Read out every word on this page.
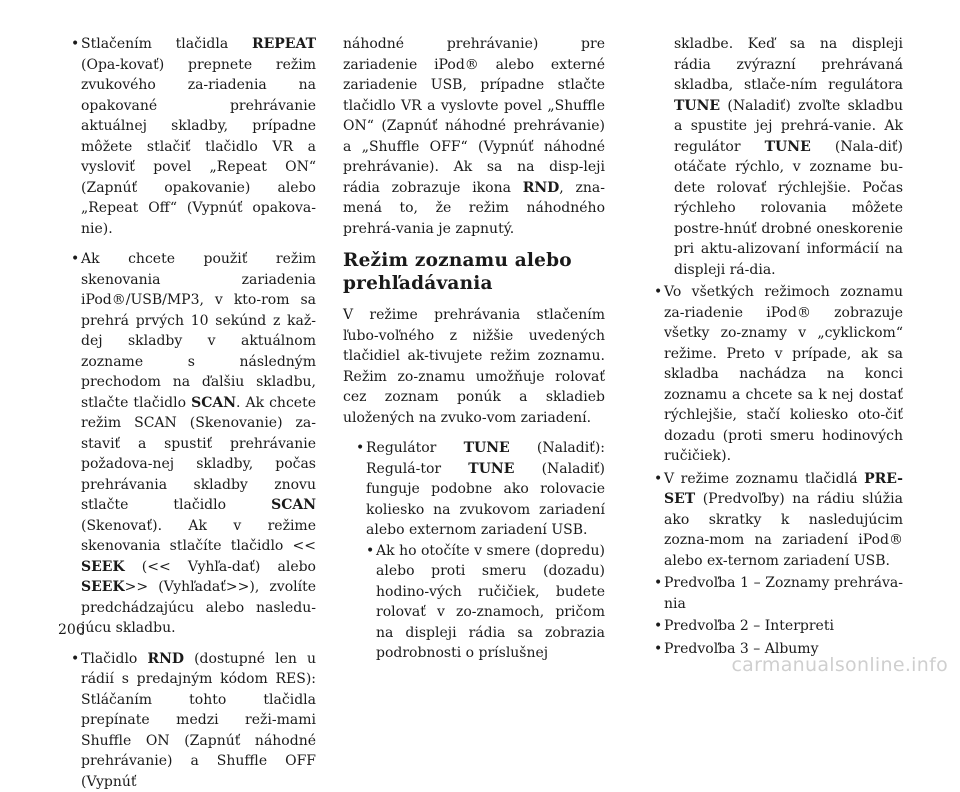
• Stlačením tlačidla REPEAT (Opa-kovať) prepnete režim zvukového za-riadenia na opakované prehrávanie aktuálnej skladby, prípadne môžete stlačiť tlačidlo VR a vysloviť povel „Repeat ON“ (Zapnúť opakovanie) alebo „Repeat Off“ (Vypnúť opakova-nie).
• Ak chcete použiť režim skenovania zariadenia iPod®/USB/MP3, v kto-rom sa prehrá prvých 10 sekúnd z kaž-dej skladby v aktuálnom zozname s následným prechodom na ďalšiu skladbu, stlačte tlačidlo SCAN. Ak chcete režim SCAN (Skenovanie) za-staviť a spustiť prehrávanie požadova-nej skladby, počas prehrávania skladby znovu stlačte tlačidlo SCAN (Skenovať). Ak v režime skenovania stlačíte tlačidlo << SEEK (<< Vyhľa-dať) alebo SEEK>> (Vyhľadať>>), zvolíte predchádzajúcu alebo nasledu-júcu skladbu.
• Tlačidlo RND (dostupné len u rádií s predajným kódom RES): Stláčaním tohto tlačidla prepínate medzi reži-mami Shuffle ON (Zapnúť náhodné prehrávanie) a Shuffle OFF (Vypnúť

náhodné prehrávanie) pre zariadenie iPod® alebo externé zariadenie USB, prípadne stlačte tlačidlo VR a vyslovte povel „Shuffle ON“ (Zapnúť náhodné prehrávanie) a „Shuffle OFF“ (Vypnúť náhodné prehrávanie). Ak sa na disp-leji rádia zobrazuje ikona RND, zna-mená to, že režim náhodného prehrá-vania je zapnutý.

Režim zoznamu alebo
prehľadávania

V režime prehrávania stlačením ľubo-voľného z nižšie uvedených tlačidiel ak-tivujete režim zoznamu. Režim zo-znamu umožňuje rolovať cez zoznam ponúk a skladieb uložených na zvuko-vom zariadení.

• Regulátor TUNE (Naladiť): Regulá-tor TUNE (Naladiť) funguje podobne ako rolovacie koliesko na zvukovom zariadení alebo externom zariadení USB.
• Ak ho otočíte v smere (dopredu) alebo proti smeru (dozadu) hodino-vých ručičiek, budete rolovať v zo-znamoch, pričom na displeji rádia sa zobrazia podrobnosti o príslušnej

skladbe. Keď sa na displeji rádia zvýrazní prehrávaná skladba, stlače-ním regulátora TUNE (Naladiť) zvoľte skladbu a spustite jej prehrá-vanie. Ak regulátor TUNE (Nala-diť) otáčate rýchlo, v zozname bu-dete rolovať rýchlejšie. Počas rýchleho rolovania môžete postre-hnúť drobné oneskorenie pri aktu-alizovaní informácií na displeji rá-dia.

• Vo všetkých režimoch zoznamu za-riadenie iPod® zobrazuje všetky zo-znamy v „cyklickom“ režime. Preto v prípade, ak sa skladba nachádza na konci zoznamu a chcete sa k nej dostať rýchlejšie, stačí koliesko oto-čiť dozadu (proti smeru hodinových ručičiek).
• V režime zoznamu tlačidlá PRE-SET (Predvoľby) na rádiu slúžia ako skratky k nasledujúcim zozna-mom na zariadení iPod® alebo ex-ternom zariadení USB.
• Predvoľba 1 – Zoznamy prehráva-nia
• Predvoľba 2 – Interpreti
• Predvoľba 3 – Albumy
206
carmanualsonline.info
